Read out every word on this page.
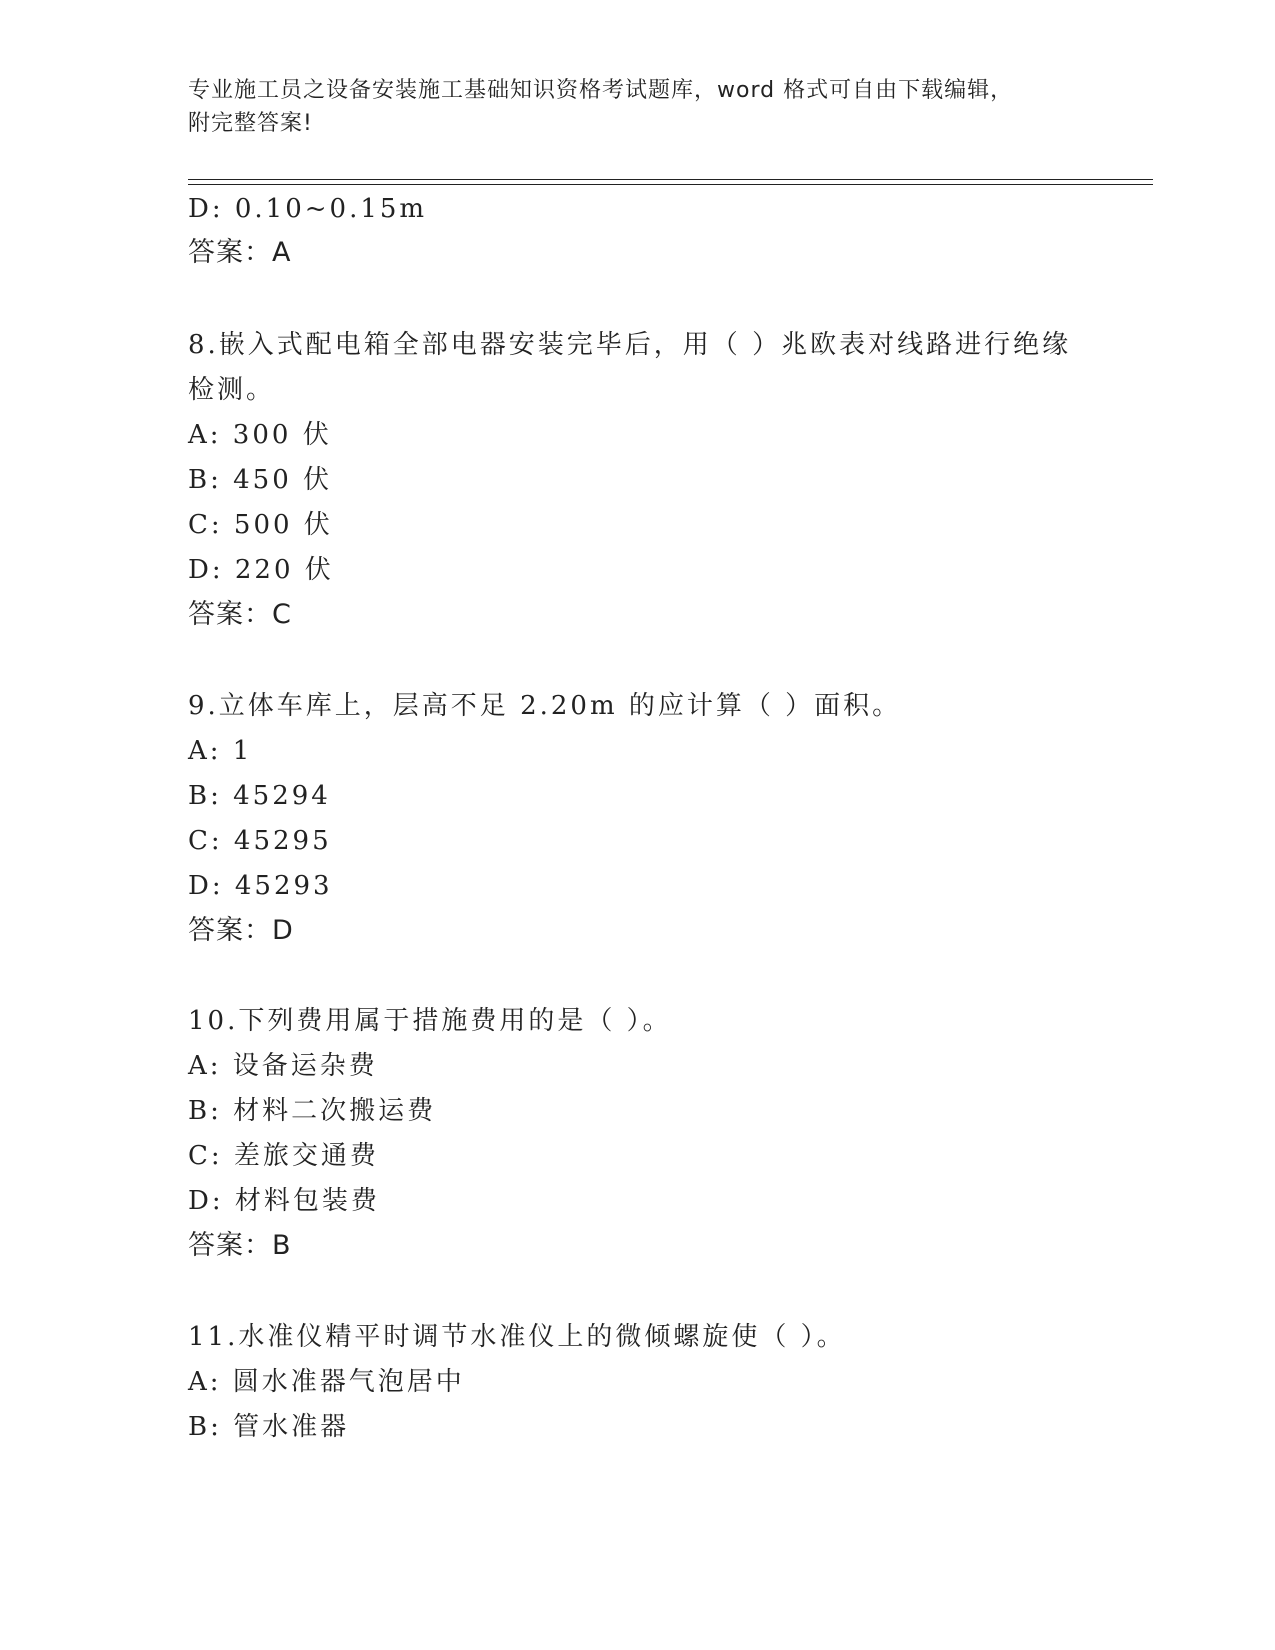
专业施工员之设备安装施工基础知识资格考试题库，word 格式可自由下载编辑，
附完整答案!
D: 0.10~0.15m
答案：A
8.嵌入式配电箱全部电器安装完毕后，用（ ）兆欧表对线路进行绝缘
检测。
A: 300 伏
B: 450 伏
C: 500 伏
D: 220 伏
答案：C
9.立体车库上，层高不足 2.20m 的应计算（ ）面积。
A: 1
B: 45294
C: 45295
D: 45293
答案：D
10.下列费用属于措施费用的是（ ）。
A: 设备运杂费
B: 材料二次搬运费
C: 差旅交通费
D: 材料包装费
答案：B
11.水准仪精平时调节水准仪上的微倾螺旋使（ ）。
A: 圆水准器气泡居中
B: 管水准器
